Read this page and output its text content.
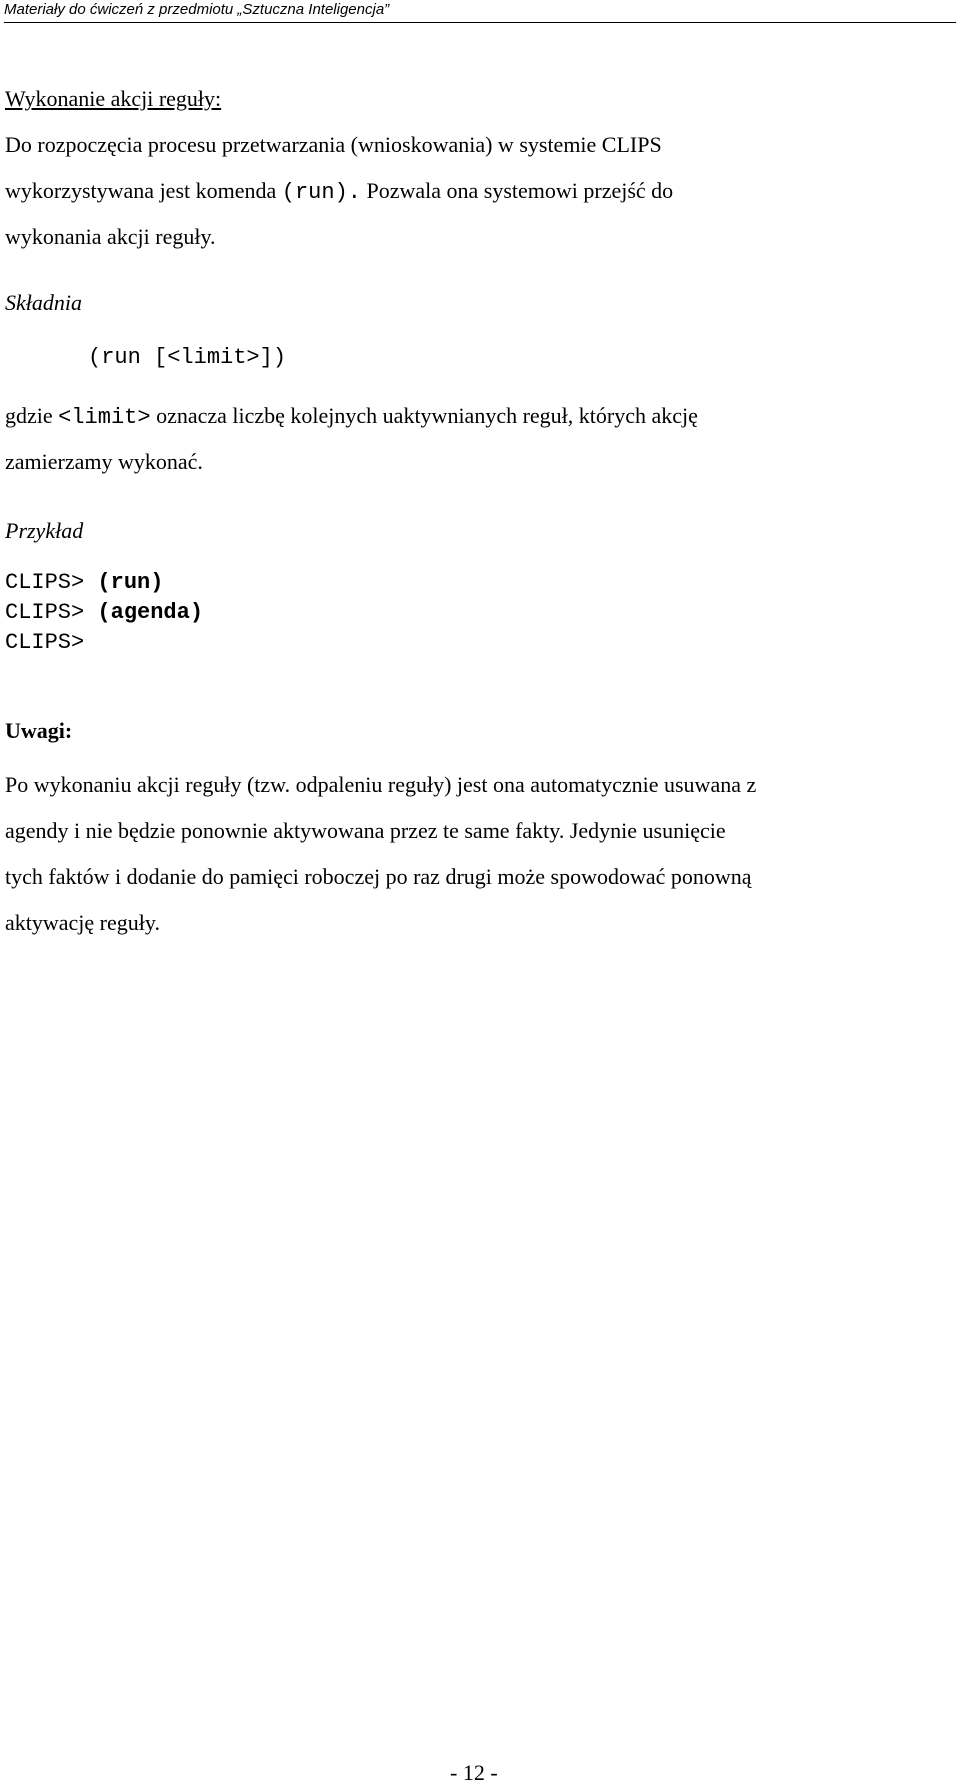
Materiały do ćwiczeń z przedmiotu „Sztuczna Inteligencja”
Wykonanie akcji reguły:
Do rozpoczęcia procesu przetwarzania (wnioskowania) w systemie CLIPS
wykorzystywana jest komenda (run). Pozwala ona systemowi przejść do
wykonania akcji reguły.
Składnia
(run [<limit>])
gdzie <limit> oznacza liczbę kolejnych uaktywnianych reguł, których akcję
zamierzamy wykonać.
Przykład
CLIPS> (run)
CLIPS> (agenda)
CLIPS>
Uwagi:
Po wykonaniu akcji reguły (tzw. odpaleniu reguły) jest ona automatycznie usuwana z
agendy i nie będzie ponownie aktywowana przez te same fakty. Jedynie usunięcie
tych faktów i dodanie do pamięci roboczej po raz drugi może spowodować ponowną
aktywację reguły.
- 12 -
